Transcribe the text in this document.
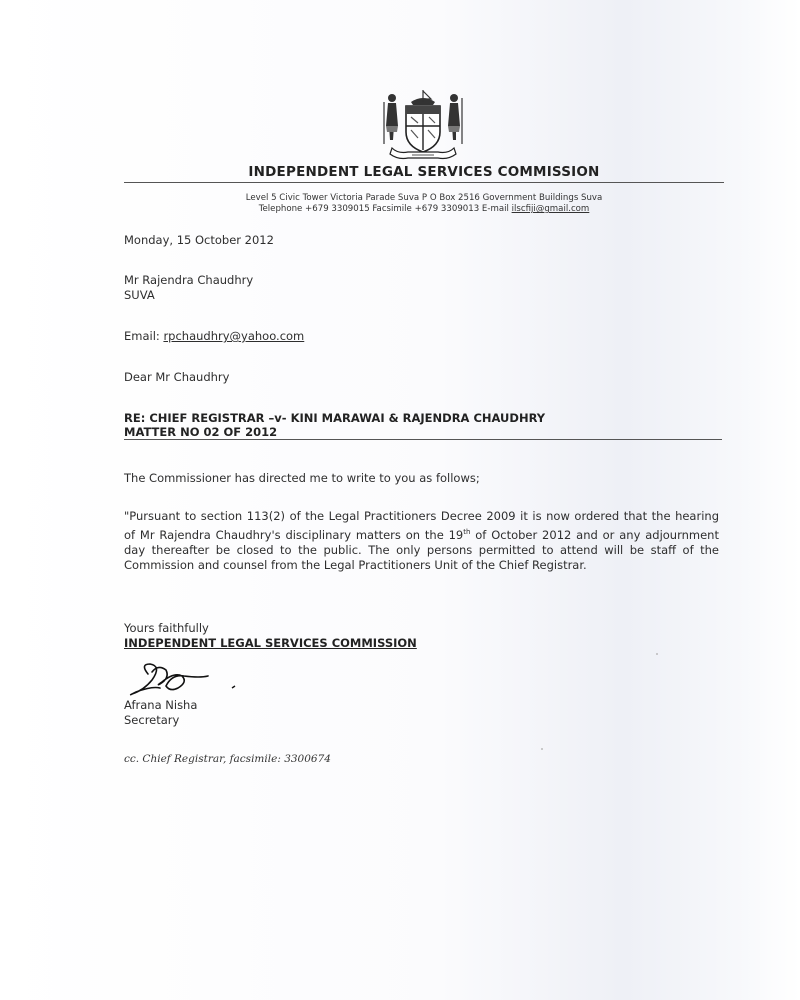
INDEPENDENT LEGAL SERVICES COMMISSION
Level 5 Civic Tower Victoria Parade Suva P O Box 2516 Government Buildings Suva
Telephone +679 3309015 Facsimile +679 3309013 E-mail ilscfiji@gmail.com
Monday, 15 October 2012
Mr Rajendra Chaudhry
SUVA
Email: rpchaudhry@yahoo.com
Dear Mr Chaudhry
RE: CHIEF REGISTRAR –v- KINI MARAWAI & RAJENDRA CHAUDHRY
MATTER NO 02 OF 2012
The Commissioner has directed me to write to you as follows;
"Pursuant to section 113(2) of the Legal Practitioners Decree 2009 it is now ordered that the hearing of Mr Rajendra Chaudhry's disciplinary matters on the 19th of October 2012 and or any adjournment day thereafter be closed to the public. The only persons permitted to attend will be staff of the Commission and counsel from the Legal Practitioners Unit of the Chief Registrar.
Yours faithfully
INDEPENDENT LEGAL SERVICES COMMISSION
Afrana Nisha
Secretary
cc. Chief Registrar, facsimile: 3300674
